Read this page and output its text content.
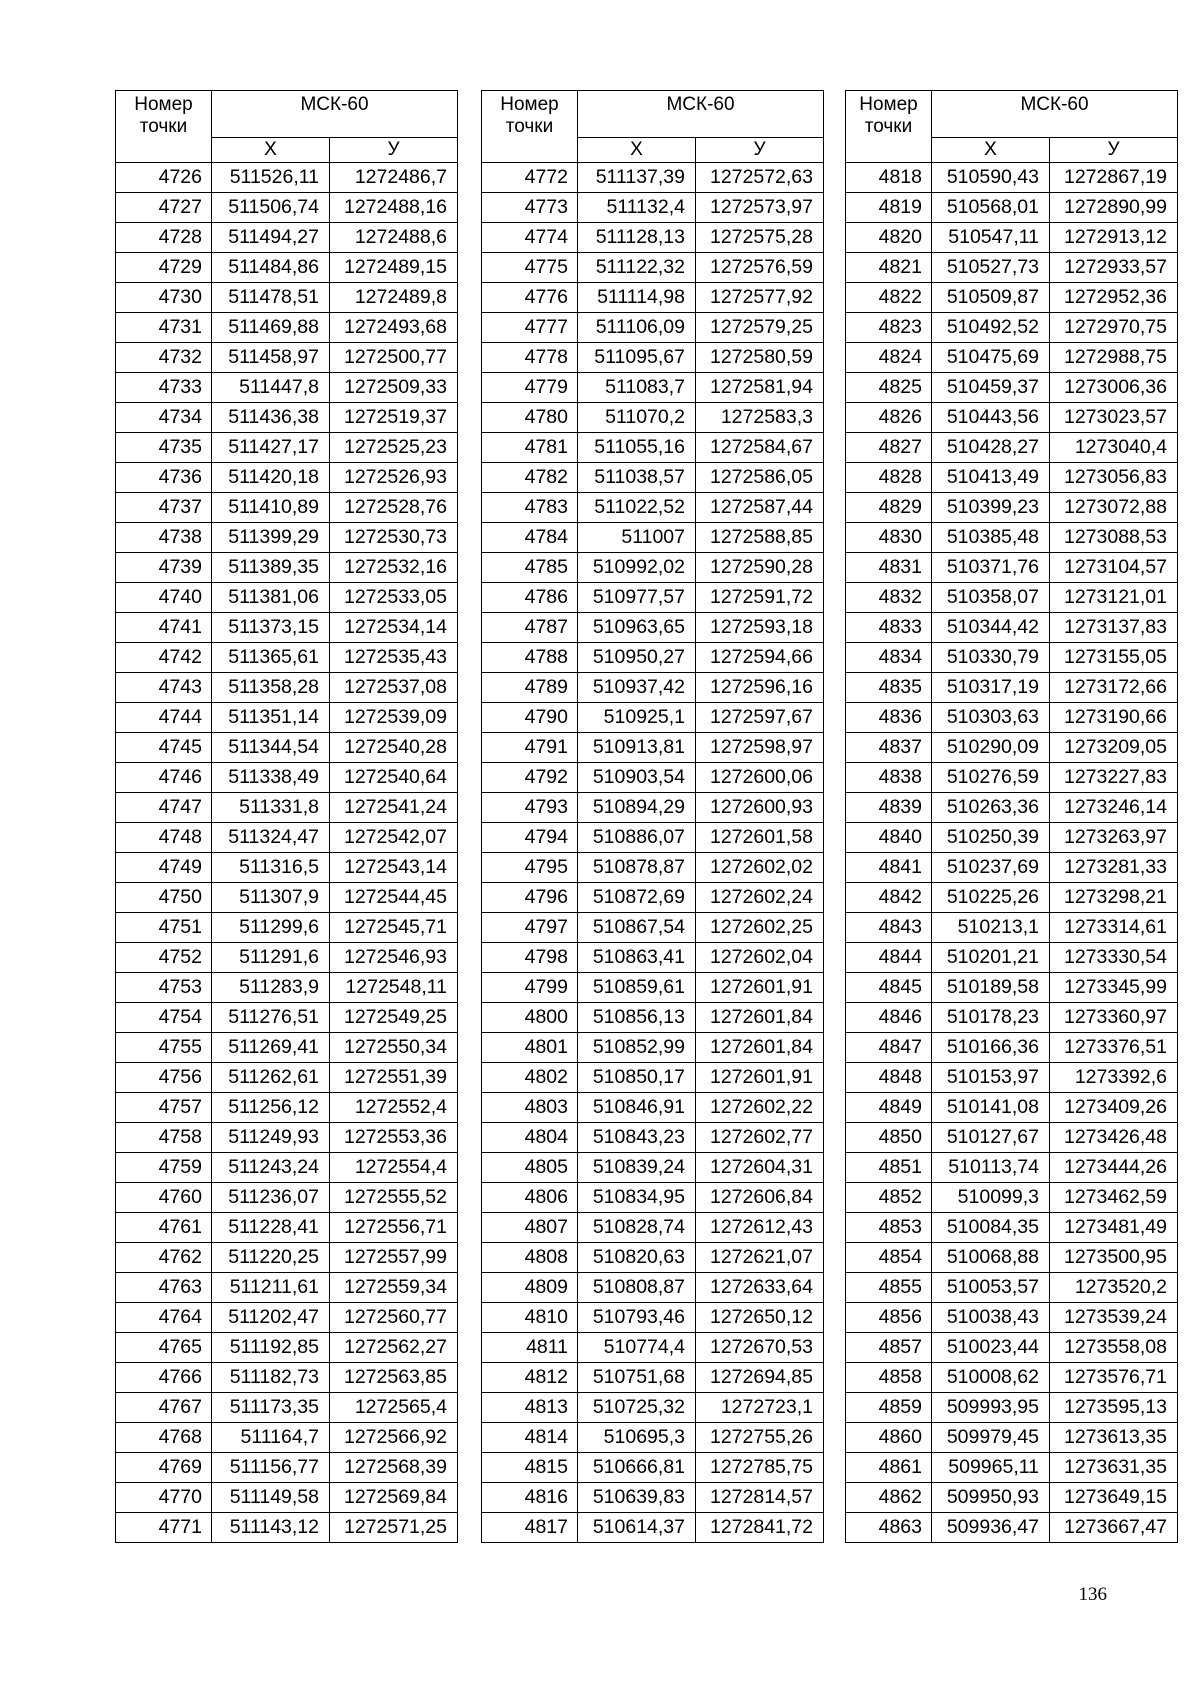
Номер
точки	МСК-60	
	X	У
4726	511526,11	1272486,7
4727	511506,74	1272488,16
4728	511494,27	1272488,6
4729	511484,86	1272489,15
4730	511478,51	1272489,8
4731	511469,88	1272493,68
4732	511458,97	1272500,77
4733	511447,8	1272509,33
4734	511436,38	1272519,37
4735	511427,17	1272525,23
4736	511420,18	1272526,93
4737	511410,89	1272528,76
4738	511399,29	1272530,73
4739	511389,35	1272532,16
4740	511381,06	1272533,05
4741	511373,15	1272534,14
4742	511365,61	1272535,43
4743	511358,28	1272537,08
4744	511351,14	1272539,09
4745	511344,54	1272540,28
4746	511338,49	1272540,64
4747	511331,8	1272541,24
4748	511324,47	1272542,07
4749	511316,5	1272543,14
4750	511307,9	1272544,45
4751	511299,6	1272545,71
4752	511291,6	1272546,93
4753	511283,9	1272548,11
4754	511276,51	1272549,25
4755	511269,41	1272550,34
4756	511262,61	1272551,39
4757	511256,12	1272552,4
4758	511249,93	1272553,36
4759	511243,24	1272554,4
4760	511236,07	1272555,52
4761	511228,41	1272556,71
4762	511220,25	1272557,99
4763	511211,61	1272559,34
4764	511202,47	1272560,77
4765	511192,85	1272562,27
4766	511182,73	1272563,85
4767	511173,35	1272565,4
4768	511164,7	1272566,92
4769	511156,77	1272568,39
4770	511149,58	1272569,84
4771	511143,12	1272571,25
Номер
точки	МСК-60	
	X	У
4772	511137,39	1272572,63
4773	511132,4	1272573,97
4774	511128,13	1272575,28
4775	511122,32	1272576,59
4776	511114,98	1272577,92
4777	511106,09	1272579,25
4778	511095,67	1272580,59
4779	511083,7	1272581,94
4780	511070,2	1272583,3
4781	511055,16	1272584,67
4782	511038,57	1272586,05
4783	511022,52	1272587,44
4784	511007	1272588,85
4785	510992,02	1272590,28
4786	510977,57	1272591,72
4787	510963,65	1272593,18
4788	510950,27	1272594,66
4789	510937,42	1272596,16
4790	510925,1	1272597,67
4791	510913,81	1272598,97
4792	510903,54	1272600,06
4793	510894,29	1272600,93
4794	510886,07	1272601,58
4795	510878,87	1272602,02
4796	510872,69	1272602,24
4797	510867,54	1272602,25
4798	510863,41	1272602,04
4799	510859,61	1272601,91
4800	510856,13	1272601,84
4801	510852,99	1272601,84
4802	510850,17	1272601,91
4803	510846,91	1272602,22
4804	510843,23	1272602,77
4805	510839,24	1272604,31
4806	510834,95	1272606,84
4807	510828,74	1272612,43
4808	510820,63	1272621,07
4809	510808,87	1272633,64
4810	510793,46	1272650,12
4811	510774,4	1272670,53
4812	510751,68	1272694,85
4813	510725,32	1272723,1
4814	510695,3	1272755,26
4815	510666,81	1272785,75
4816	510639,83	1272814,57
4817	510614,37	1272841,72
Номер
точки	МСК-60	
	X	У
4818	510590,43	1272867,19
4819	510568,01	1272890,99
4820	510547,11	1272913,12
4821	510527,73	1272933,57
4822	510509,87	1272952,36
4823	510492,52	1272970,75
4824	510475,69	1272988,75
4825	510459,37	1273006,36
4826	510443,56	1273023,57
4827	510428,27	1273040,4
4828	510413,49	1273056,83
4829	510399,23	1273072,88
4830	510385,48	1273088,53
4831	510371,76	1273104,57
4832	510358,07	1273121,01
4833	510344,42	1273137,83
4834	510330,79	1273155,05
4835	510317,19	1273172,66
4836	510303,63	1273190,66
4837	510290,09	1273209,05
4838	510276,59	1273227,83
4839	510263,36	1273246,14
4840	510250,39	1273263,97
4841	510237,69	1273281,33
4842	510225,26	1273298,21
4843	510213,1	1273314,61
4844	510201,21	1273330,54
4845	510189,58	1273345,99
4846	510178,23	1273360,97
4847	510166,36	1273376,51
4848	510153,97	1273392,6
4849	510141,08	1273409,26
4850	510127,67	1273426,48
4851	510113,74	1273444,26
4852	510099,3	1273462,59
4853	510084,35	1273481,49
4854	510068,88	1273500,95
4855	510053,57	1273520,2
4856	510038,43	1273539,24
4857	510023,44	1273558,08
4858	510008,62	1273576,71
4859	509993,95	1273595,13
4860	509979,45	1273613,35
4861	509965,11	1273631,35
4862	509950,93	1273649,15
4863	509936,47	1273667,47
136
